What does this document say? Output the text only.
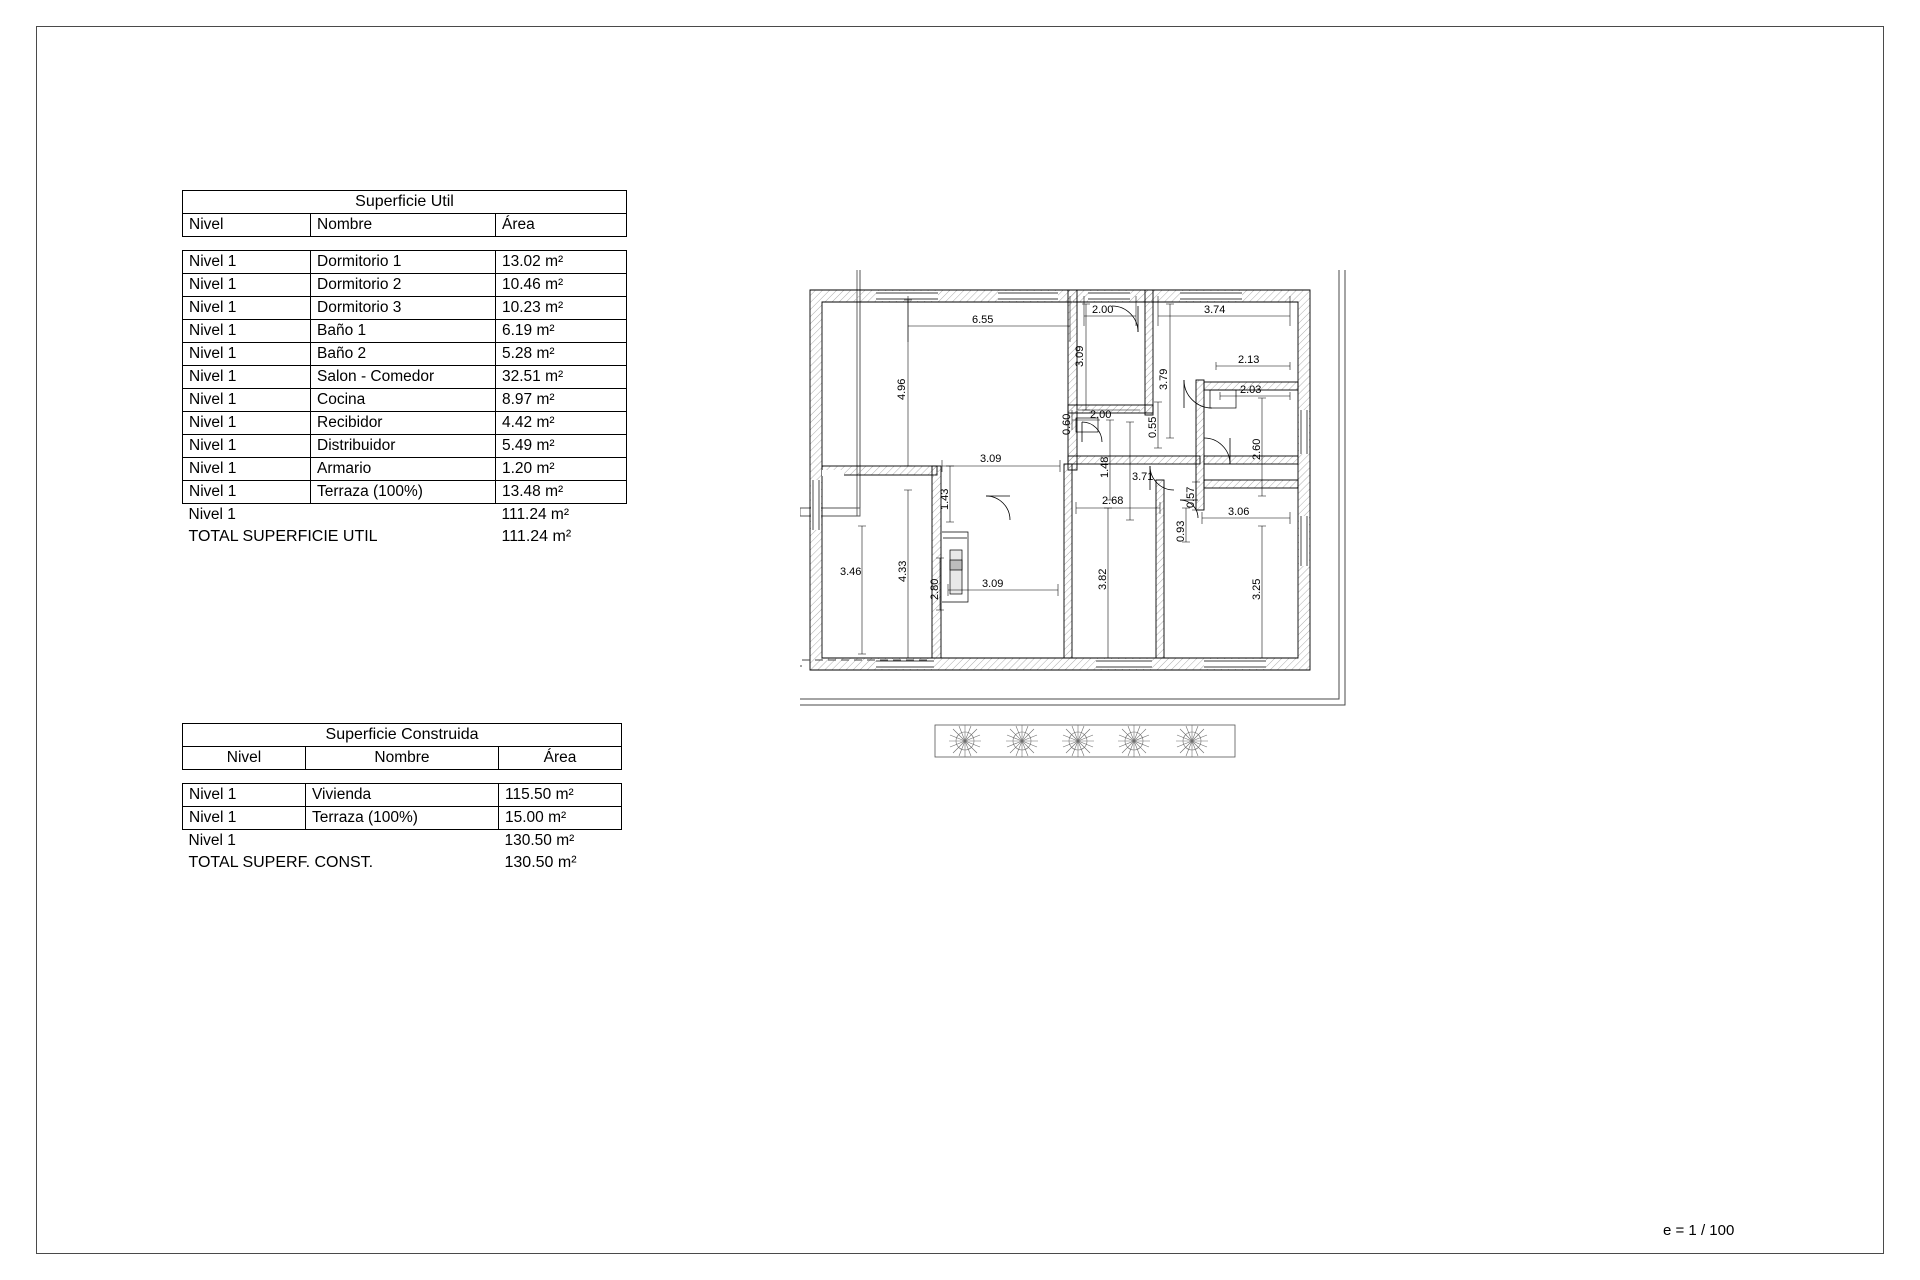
Superficie Util		
Nivel	Nombre	Área

Nivel 1	Dormitorio 1	13.02 m²
Nivel 1	Dormitorio 2	10.46 m²
Nivel 1	Dormitorio 3	10.23 m²
Nivel 1	Baño 1	6.19 m²
Nivel 1	Baño 2	5.28 m²
Nivel 1	Salon - Comedor	32.51 m²
Nivel 1	Cocina	8.97 m²
Nivel 1	Recibidor	4.42 m²
Nivel 1	Distribuidor	5.49 m²
Nivel 1	Armario	1.20 m²
Nivel 1	Terraza (100%)	13.48 m²
Nivel 1		111.24 m²
TOTAL SUPERFICIE UTIL		111.24 m²
Superficie Construida		
Nivel	Nombre	Área

Nivel 1	Vivienda	115.50 m²
Nivel 1	Terraza (100%)	15.00 m²
Nivel 1		130.50 m²
TOTAL SUPERF. CONST.		130.50 m²
e = 1 / 100
6.55
2.00	3.74
3.09
3.79
4.96
2.13
0.60 2.00
0.55
2.03
3.09	1.48 3.71
2.60
1.43	0.57
2.68
0.93
3.06
3.46	4.33	3.82	3.25
2.80	3.09
